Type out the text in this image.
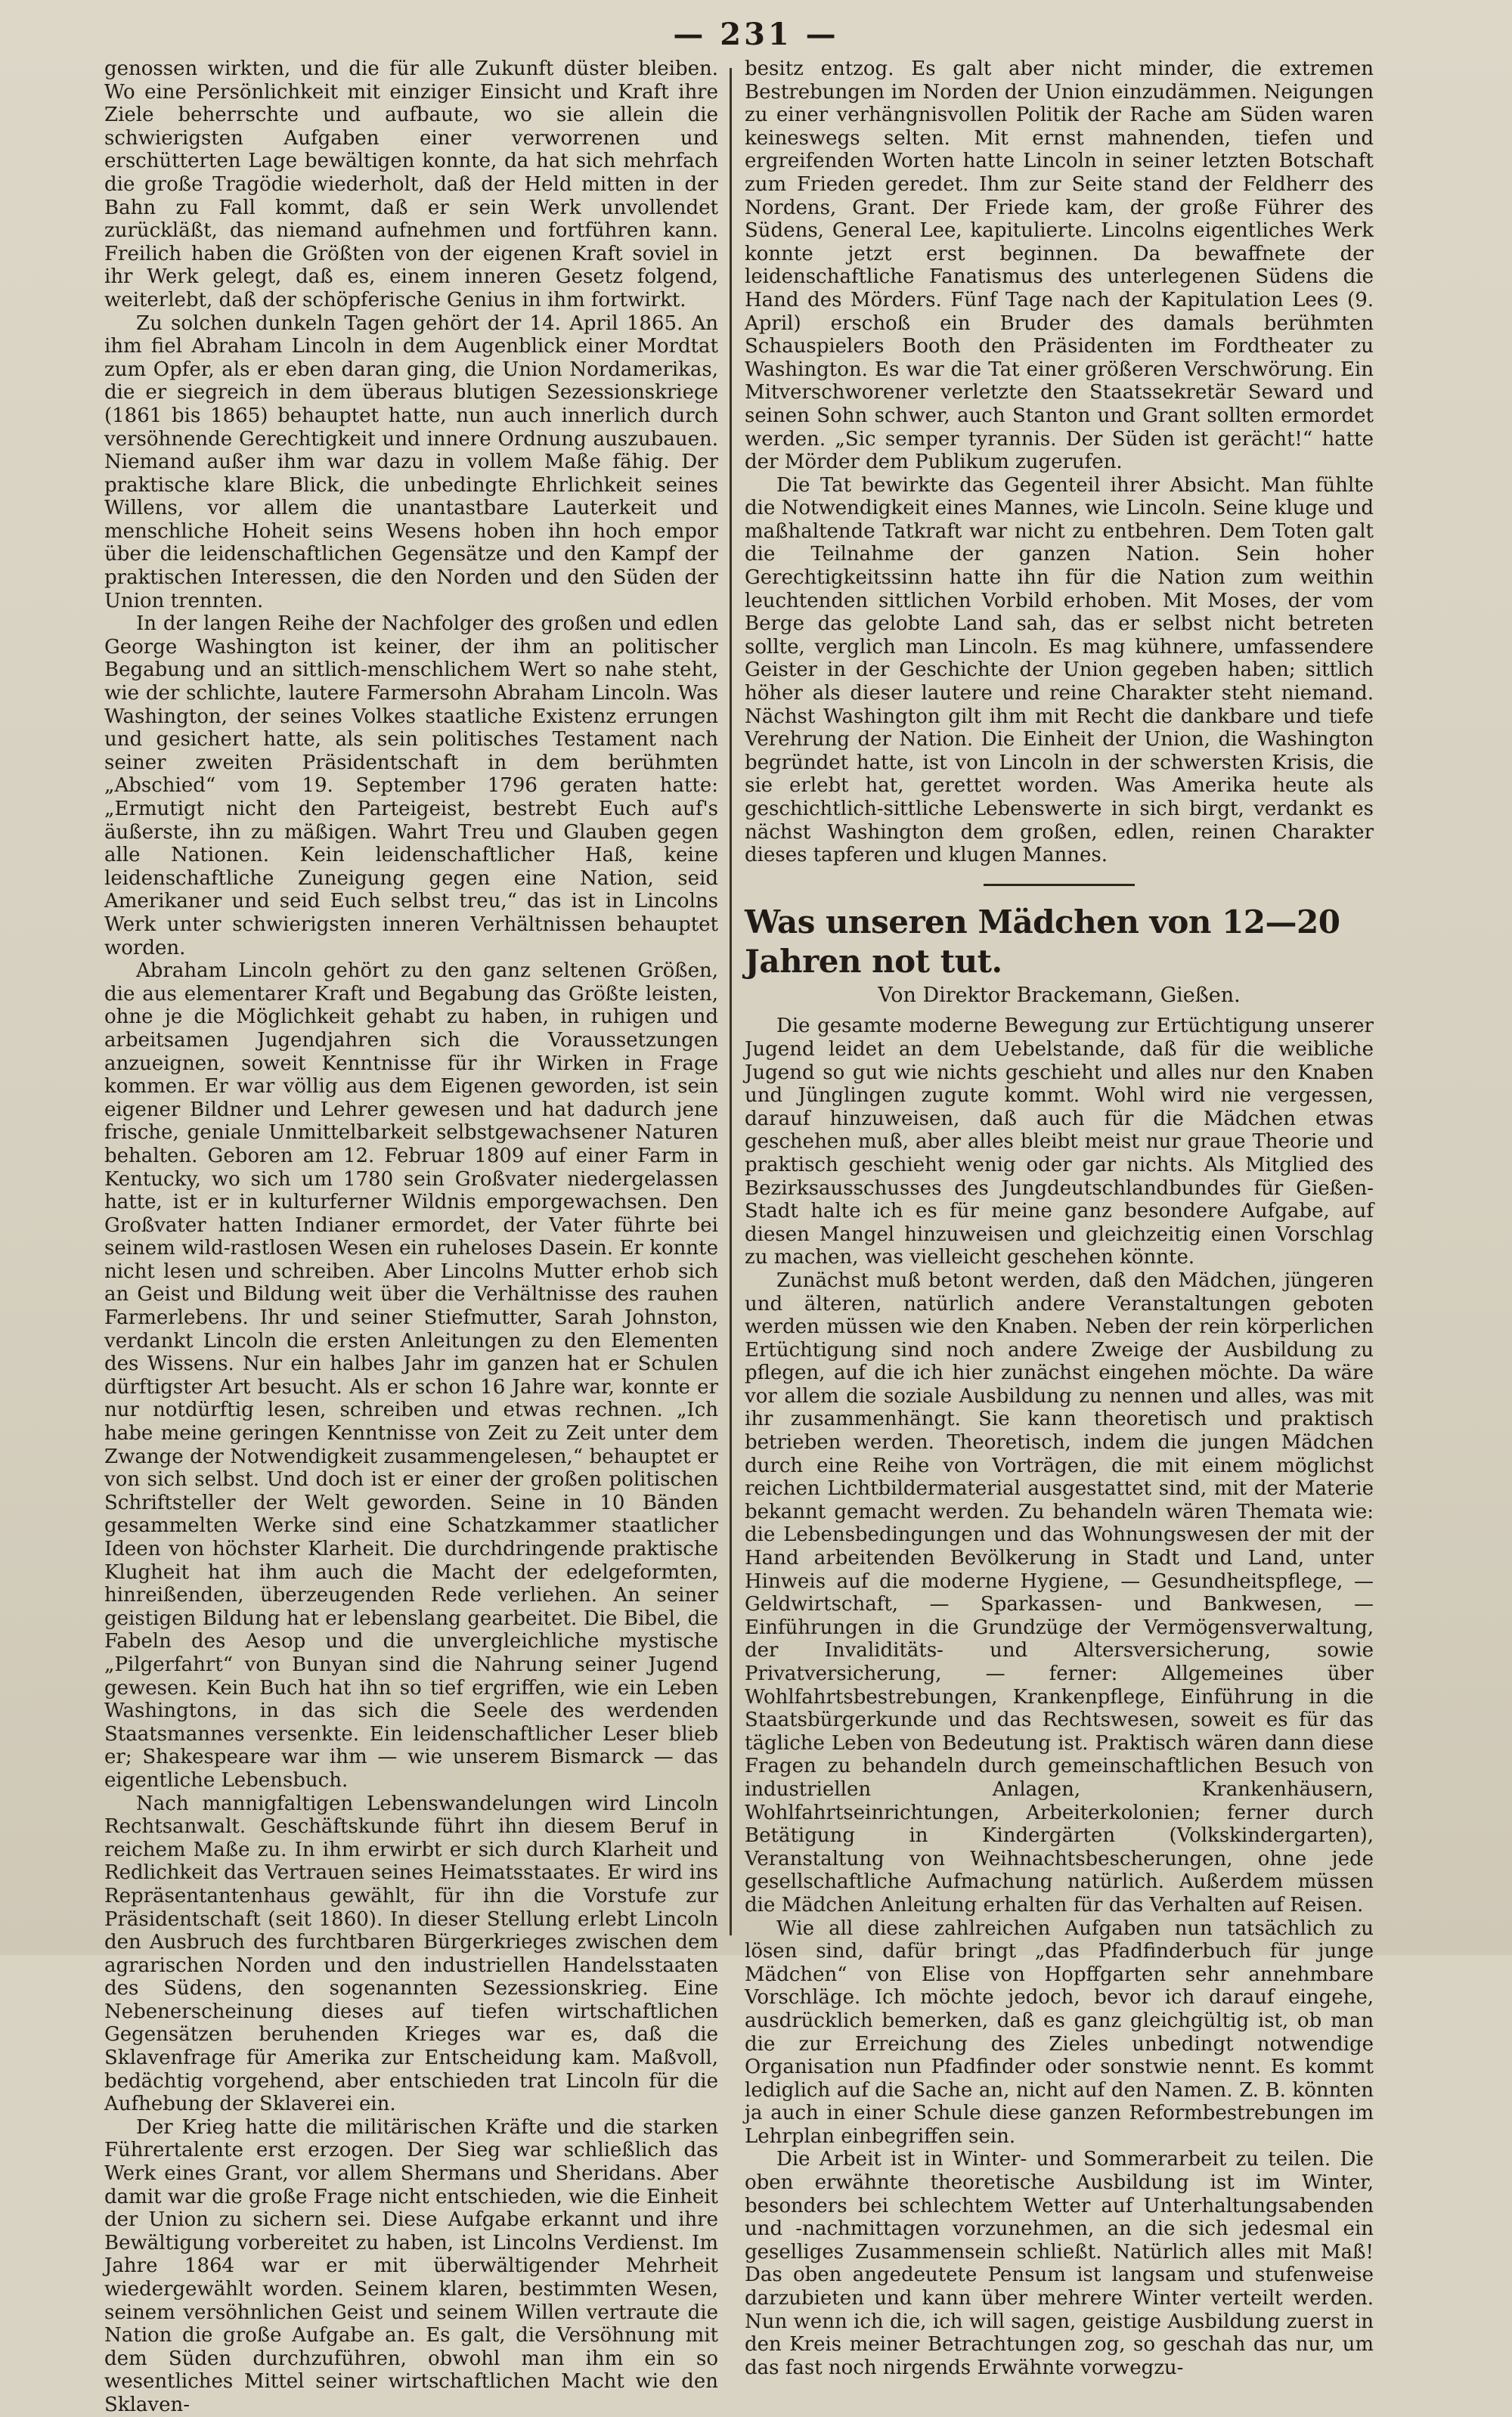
— 231 —

genossen wirkten, und die für alle Zukunft düster bleiben. Wo eine Persönlichkeit mit einziger Einsicht und Kraft ihre Ziele beherrschte und aufbaute, wo sie allein die schwierigsten Aufgaben einer verworrenen und erschütterten Lage bewältigen konnte, da hat sich mehrfach die große Tragödie wiederholt, daß der Held mitten in der Bahn zu Fall kommt, daß er sein Werk unvollendet zurückläßt, das niemand aufnehmen und fortführen kann. Freilich haben die Größten von der eigenen Kraft soviel in ihr Werk gelegt, daß es, einem inneren Gesetz folgend, weiterlebt, daß der schöpferische Genius in ihm fortwirkt.

Zu solchen dunkeln Tagen gehört der 14. April 1865. An ihm fiel Abraham Lincoln in dem Augenblick einer Mordtat zum Opfer, als er eben daran ging, die Union Nordamerikas, die er siegreich in dem überaus blutigen Sezessionskriege (1861 bis 1865) behauptet hatte, nun auch innerlich durch versöhnende Gerechtigkeit und innere Ordnung auszubauen. Niemand außer ihm war dazu in vollem Maße fähig. Der praktische klare Blick, die unbedingte Ehrlichkeit seines Willens, vor allem die unantastbare Lauterkeit und menschliche Hoheit seins Wesens hoben ihn hoch empor über die leidenschaftlichen Gegensätze und den Kampf der praktischen Interessen, die den Norden und den Süden der Union trennten.

In der langen Reihe der Nachfolger des großen und edlen George Washington ist keiner, der ihm an politischer Begabung und an sittlich-menschlichem Wert so nahe steht, wie der schlichte, lautere Farmersohn Abraham Lincoln. Was Washington, der seines Volkes staatliche Existenz errungen und gesichert hatte, als sein politisches Testament nach seiner zweiten Präsidentschaft in dem berühmten „Abschied“ vom 19. September 1796 geraten hatte: „Ermutigt nicht den Parteigeist, bestrebt Euch auf's äußerste, ihn zu mäßigen. Wahrt Treu und Glauben gegen alle Nationen. Kein leidenschaftlicher Haß, keine leidenschaftliche Zuneigung gegen eine Nation, seid Amerikaner und seid Euch selbst treu,“ das ist in Lincolns Werk unter schwierigsten inneren Verhältnissen behauptet worden.

Abraham Lincoln gehört zu den ganz seltenen Größen, die aus elementarer Kraft und Begabung das Größte leisten, ohne je die Möglichkeit gehabt zu haben, in ruhigen und arbeitsamen Jugendjahren sich die Voraussetzungen anzueignen, soweit Kenntnisse für ihr Wirken in Frage kommen. Er war völlig aus dem Eigenen geworden, ist sein eigener Bildner und Lehrer gewesen und hat dadurch jene frische, geniale Unmittelbarkeit selbstgewachsener Naturen behalten. Geboren am 12. Februar 1809 auf einer Farm in Kentucky, wo sich um 1780 sein Großvater niedergelassen hatte, ist er in kulturferner Wildnis emporgewachsen. Den Großvater hatten Indianer ermordet, der Vater führte bei seinem wild-rastlosen Wesen ein ruheloses Dasein. Er konnte nicht lesen und schreiben. Aber Lincolns Mutter erhob sich an Geist und Bildung weit über die Verhältnisse des rauhen Farmerlebens. Ihr und seiner Stiefmutter, Sarah Johnston, verdankt Lincoln die ersten Anleitungen zu den Elementen des Wissens. Nur ein halbes Jahr im ganzen hat er Schulen dürftigster Art besucht. Als er schon 16 Jahre war, konnte er nur notdürftig lesen, schreiben und etwas rechnen. „Ich habe meine geringen Kenntnisse von Zeit zu Zeit unter dem Zwange der Notwendigkeit zusammengelesen,“ behauptet er von sich selbst. Und doch ist er einer der großen politischen Schriftsteller der Welt geworden. Seine in 10 Bänden gesammelten Werke sind eine Schatzkammer staatlicher Ideen von höchster Klarheit. Die durchdringende praktische Klugheit hat ihm auch die Macht der edelgeformten, hinreißenden, überzeugenden Rede verliehen. An seiner geistigen Bildung hat er lebenslang gearbeitet. Die Bibel, die Fabeln des Aesop und die unvergleichliche mystische „Pilgerfahrt“ von Bunyan sind die Nahrung seiner Jugend gewesen. Kein Buch hat ihn so tief ergriffen, wie ein Leben Washingtons, in das sich die Seele des werdenden Staatsmannes versenkte. Ein leidenschaftlicher Leser blieb er; Shakespeare war ihm — wie unserem Bismarck — das eigentliche Lebensbuch.

Nach mannigfaltigen Lebenswandelungen wird Lincoln Rechtsanwalt. Geschäftskunde führt ihn diesem Beruf in reichem Maße zu. In ihm erwirbt er sich durch Klarheit und Redlichkeit das Vertrauen seines Heimatsstaates. Er wird ins Repräsentantenhaus gewählt, für ihn die Vorstufe zur Präsidentschaft (seit 1860). In dieser Stellung erlebt Lincoln den Ausbruch des furchtbaren Bürgerkrieges zwischen dem agrarischen Norden und den industriellen Handelsstaaten des Südens, den sogenannten Sezessionskrieg. Eine Nebenerscheinung dieses auf tiefen wirtschaftlichen Gegensätzen beruhenden Krieges war es, daß die Sklavenfrage für Amerika zur Entscheidung kam. Maßvoll, bedächtig vorgehend, aber entschieden trat Lincoln für die Aufhebung der Sklaverei ein.

Der Krieg hatte die militärischen Kräfte und die starken Führertalente erst erzogen. Der Sieg war schließlich das Werk eines Grant, vor allem Shermans und Sheridans. Aber damit war die große Frage nicht entschieden, wie die Einheit der Union zu sichern sei. Diese Aufgabe erkannt und ihre Bewältigung vorbereitet zu haben, ist Lincolns Verdienst. Im Jahre 1864 war er mit überwältigender Mehrheit wiedergewählt worden. Seinem klaren, bestimmten Wesen, seinem versöhnlichen Geist und seinem Willen vertraute die Nation die große Aufgabe an. Es galt, die Versöhnung mit dem Süden durchzuführen, obwohl man ihm ein so wesentliches Mittel seiner wirtschaftlichen Macht wie den Sklaven-

besitz entzog. Es galt aber nicht minder, die extremen Bestrebungen im Norden der Union einzudämmen. Neigungen zu einer verhängnisvollen Politik der Rache am Süden waren keineswegs selten. Mit ernst mahnenden, tiefen und ergreifenden Worten hatte Lincoln in seiner letzten Botschaft zum Frieden geredet. Ihm zur Seite stand der Feldherr des Nordens, Grant. Der Friede kam, der große Führer des Südens, General Lee, kapitulierte. Lincolns eigentliches Werk konnte jetzt erst beginnen. Da bewaffnete der leidenschaftliche Fanatismus des unterlegenen Südens die Hand des Mörders. Fünf Tage nach der Kapitulation Lees (9. April) erschoß ein Bruder des damals berühmten Schauspielers Booth den Präsidenten im Fordtheater zu Washington. Es war die Tat einer größeren Verschwörung. Ein Mitverschworener verletzte den Staatssekretär Seward und seinen Sohn schwer, auch Stanton und Grant sollten ermordet werden. „Sic semper tyrannis. Der Süden ist gerächt!“ hatte der Mörder dem Publikum zugerufen.

Die Tat bewirkte das Gegenteil ihrer Absicht. Man fühlte die Notwendigkeit eines Mannes, wie Lincoln. Seine kluge und maßhaltende Tatkraft war nicht zu entbehren. Dem Toten galt die Teilnahme der ganzen Nation. Sein hoher Gerechtigkeitssinn hatte ihn für die Nation zum weithin leuchtenden sittlichen Vorbild erhoben. Mit Moses, der vom Berge das gelobte Land sah, das er selbst nicht betreten sollte, verglich man Lincoln. Es mag kühnere, umfassendere Geister in der Geschichte der Union gegeben haben; sittlich höher als dieser lautere und reine Charakter steht niemand. Nächst Washington gilt ihm mit Recht die dankbare und tiefe Verehrung der Nation. Die Einheit der Union, die Washington begründet hatte, ist von Lincoln in der schwersten Krisis, die sie erlebt hat, gerettet worden. Was Amerika heute als geschichtlich-sittliche Lebenswerte in sich birgt, verdankt es nächst Washington dem großen, edlen, reinen Charakter dieses tapferen und klugen Mannes.

Was unseren Mädchen von 12—20 Jahren not tut.
Von Direktor Brackemann, Gießen.

Die gesamte moderne Bewegung zur Ertüchtigung unserer Jugend leidet an dem Uebelstande, daß für die weibliche Jugend so gut wie nichts geschieht und alles nur den Knaben und Jünglingen zugute kommt. Wohl wird nie vergessen, darauf hinzuweisen, daß auch für die Mädchen etwas geschehen muß, aber alles bleibt meist nur graue Theorie und praktisch geschieht wenig oder gar nichts. Als Mitglied des Bezirksausschusses des Jungdeutschlandbundes für Gießen-Stadt halte ich es für meine ganz besondere Aufgabe, auf diesen Mangel hinzuweisen und gleichzeitig einen Vorschlag zu machen, was vielleicht geschehen könnte.

Zunächst muß betont werden, daß den Mädchen, jüngeren und älteren, natürlich andere Veranstaltungen geboten werden müssen wie den Knaben. Neben der rein körperlichen Ertüchtigung sind noch andere Zweige der Ausbildung zu pflegen, auf die ich hier zunächst eingehen möchte. Da wäre vor allem die soziale Ausbildung zu nennen und alles, was mit ihr zusammenhängt. Sie kann theoretisch und praktisch betrieben werden. Theoretisch, indem die jungen Mädchen durch eine Reihe von Vorträgen, die mit einem möglichst reichen Lichtbildermaterial ausgestattet sind, mit der Materie bekannt gemacht werden. Zu behandeln wären Themata wie: die Lebensbedingungen und das Wohnungswesen der mit der Hand arbeitenden Bevölkerung in Stadt und Land, unter Hinweis auf die moderne Hygiene, — Gesundheitspflege, — Geldwirtschaft, — Sparkassen- und Bankwesen, — Einführungen in die Grundzüge der Vermögensverwaltung, der Invaliditäts- und Altersversicherung, sowie Privatversicherung, — ferner: Allgemeines über Wohlfahrtsbestrebungen, Krankenpflege, Einführung in die Staatsbürgerkunde und das Rechtswesen, soweit es für das tägliche Leben von Bedeutung ist. Praktisch wären dann diese Fragen zu behandeln durch gemeinschaftlichen Besuch von industriellen Anlagen, Krankenhäusern, Wohlfahrtseinrichtungen, Arbeiterkolonien; ferner durch Betätigung in Kindergärten (Volkskindergarten), Veranstaltung von Weihnachtsbescherungen, ohne jede gesellschaftliche Aufmachung natürlich. Außerdem müssen die Mädchen Anleitung erhalten für das Verhalten auf Reisen.

Wie all diese zahlreichen Aufgaben nun tatsächlich zu lösen sind, dafür bringt „das Pfadfinderbuch für junge Mädchen“ von Elise von Hopffgarten sehr annehmbare Vorschläge. Ich möchte jedoch, bevor ich darauf eingehe, ausdrücklich bemerken, daß es ganz gleichgültig ist, ob man die zur Erreichung des Zieles unbedingt notwendige Organisation nun Pfadfinder oder sonstwie nennt. Es kommt lediglich auf die Sache an, nicht auf den Namen. Z. B. könnten ja auch in einer Schule diese ganzen Reformbestrebungen im Lehrplan einbegriffen sein.

Die Arbeit ist in Winter- und Sommerarbeit zu teilen. Die oben erwähnte theoretische Ausbildung ist im Winter, besonders bei schlechtem Wetter auf Unterhaltungsabenden und -nachmittagen vorzunehmen, an die sich jedesmal ein geselliges Zusammensein schließt. Natürlich alles mit Maß! Das oben angedeutete Pensum ist langsam und stufenweise darzubieten und kann über mehrere Winter verteilt werden. Nun wenn ich die, ich will sagen, geistige Ausbildung zuerst in den Kreis meiner Betrachtungen zog, so geschah das nur, um das fast noch nirgends Erwähnte vorwegzu-
